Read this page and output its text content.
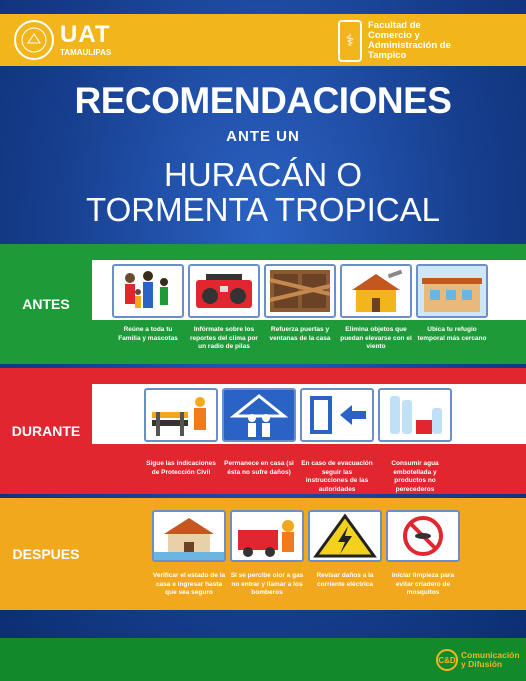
UAT
TAMAULIPAS
⚕
Facultad de
Comercio y
Administración de
Tampico
RECOMENDACIONES
ANTE UN
HURACÁN O
TORMENTA TROPICAL
ANTES
Reúne a toda tu Familia y mascotas
Infórmate sobre los reportes del clima por un radio de pilas
Refuerza puertas y ventanas de la casa
Elimina objetos que puedan elevarse con el viento
Ubica tu refugio temporal más cercano
DURANTE
Sigue las indicaciones de Protección Civil
Permanece en casa (si ésta no sufre daños)
En caso de evacuación seguir las instrucciones de las autoridades
Consumir agua embotellada y productos no perecederos
DESPUES
Verificar el estado de la casa e ingresar hasta que sea seguro
Si se percibe olor a gas no entrar y llamar a los bomberos
Revisar daños a la corriente eléctrica
Iniciar limpieza para evitar criadero de mosquitos
C&D Comunicación
y Difusión
